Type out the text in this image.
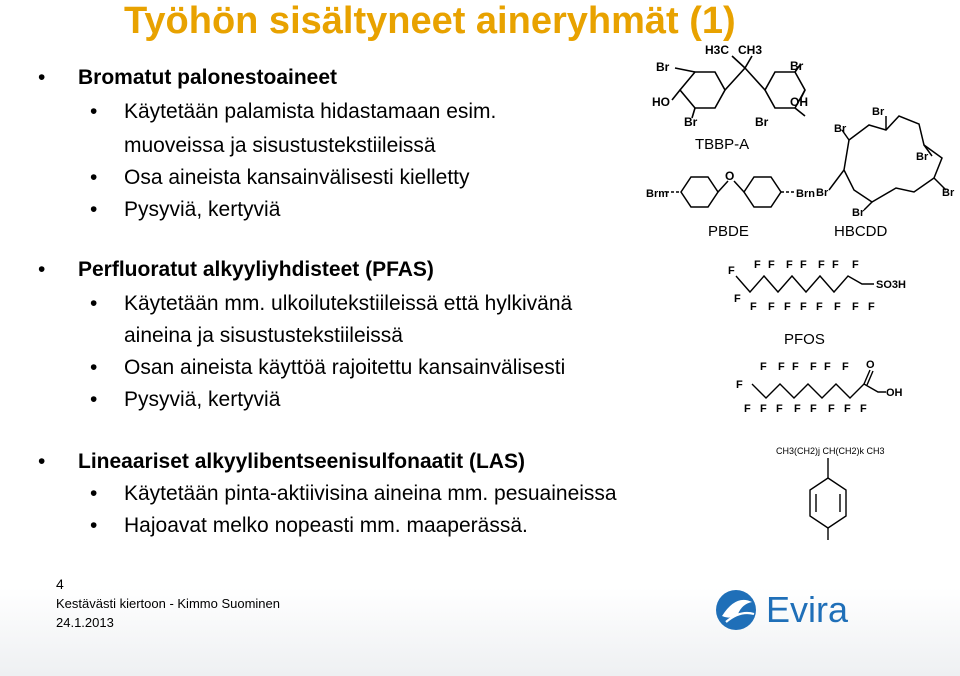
Työhön sisältyneet aineryhmät (1)
• Bromatut palonestoaineet
• Käytetään palamista hidastamaan esim.
muoveissa ja sisustustekstiileissä
• Osa aineista kansainvälisesti kielletty
• Pysyviä, kertyviä
• Perfluoratut alkyyliyhdisteet (PFAS)
• Käytetään mm. ulkoilutekstiileissä että hylkivänä
aineina ja sisustustekstiileissä
• Osan aineista käyttöä rajoitettu kansainvälisesti
• Pysyviä, kertyviä
• Lineaariset alkyylibentseenisulfonaatit (LAS)
• Käytetään pinta-aktiivisina aineina mm. pesuaineissa
• Hajoavat melko nopeasti mm. maaperässä.
H3C CH3
Br
HO
Br
Br
OH
Br
TBBP-A
O
Brm	Brn
PBDE
Br
Br
Br
Br
Br
Br
HBCDD
F F F F F F F F
F
F F F F F F F F
SO3H
PFOS
F F F F F F O
F
F F F F F F F F
OH
CH3(CH2)j CH(CH2)k CH3
4
Kestävästi kiertoon - Kimmo Suominen
24.1.2013	Evira
